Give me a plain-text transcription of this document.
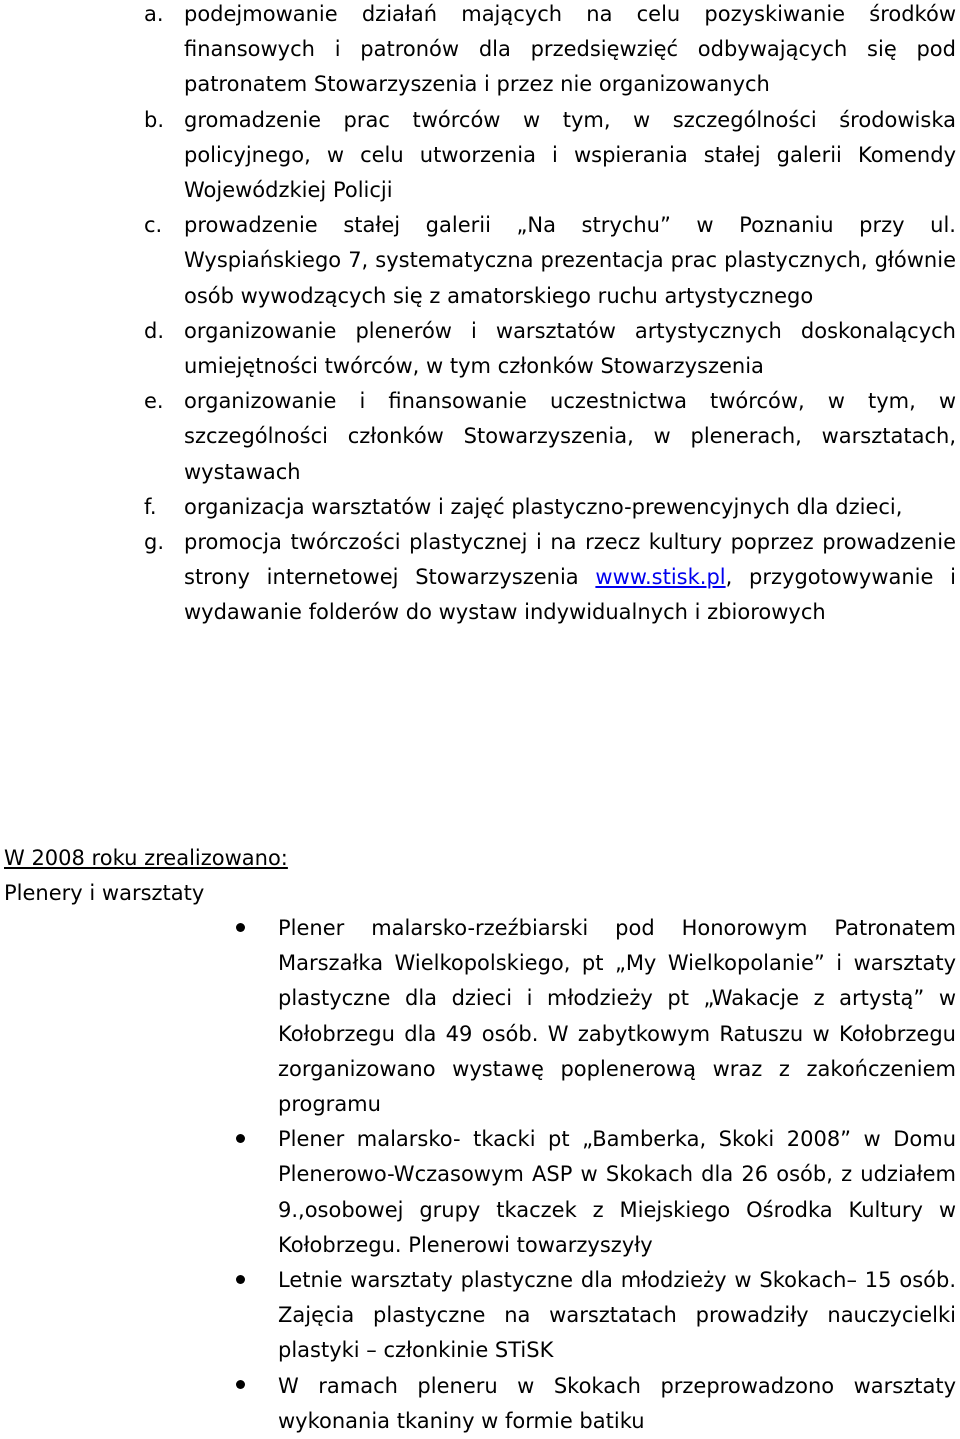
a. podejmowanie działań mających na celu pozyskiwanie środków finansowych i patronów dla przedsięwzięć odbywających się pod patronatem Stowarzyszenia i przez nie organizowanych
b. gromadzenie prac twórców w tym, w szczególności środowiska policyjnego, w celu utworzenia i wspierania stałej galerii Komendy Wojewódzkiej Policji
c.	prowadzenie stałej galerii „Na strychu” w Poznaniu przy ul. Wyspiańskiego 7, systematyczna prezentacja prac plastycznych, głównie osób wywodzących się z amatorskiego ruchu artystycznego
d. organizowanie plenerów i warsztatów artystycznych doskonalących umiejętności twórców, w tym członków Stowarzyszenia
e. organizowanie i finansowanie uczestnictwa twórców, w tym, w szczególności członków Stowarzyszenia, w plenerach, warsztatach, wystawach
f.	organizacja warsztatów i zajęć plastyczno-prewencyjnych dla dzieci,
g. promocja twórczości plastycznej i na rzecz kultury poprzez prowadzenie strony internetowej Stowarzyszenia www.stisk.pl, przygotowywanie i wydawanie folderów do wystaw indywidualnych i zbiorowych
W 2008 roku zrealizowano:
Plenery i warsztaty
Plener malarsko-rzeźbiarski pod Honorowym Patronatem Marszałka Wielkopolskiego, pt „My Wielkopolanie” i warsztaty plastyczne dla dzieci i młodzieży pt „Wakacje z artystą” w Kołobrzegu dla 49 osób. W zabytkowym Ratuszu w Kołobrzegu zorganizowano wystawę poplenerową wraz z zakończeniem programu
Plener malarsko- tkacki pt „Bamberka, Skoki 2008” w Domu Plenerowo-Wczasowym ASP w Skokach dla 26 osób, z udziałem 9.,osobowej grupy tkaczek z Miejskiego Ośrodka Kultury w Kołobrzegu. Plenerowi towarzyszyły
Letnie warsztaty plastyczne dla młodzieży w Skokach– 15 osób. Zajęcia plastyczne na warsztatach prowadziły nauczycielki plastyki – członkinie STiSK
W ramach pleneru w Skokach przeprowadzono warsztaty wykonania tkaniny w formie batiku
